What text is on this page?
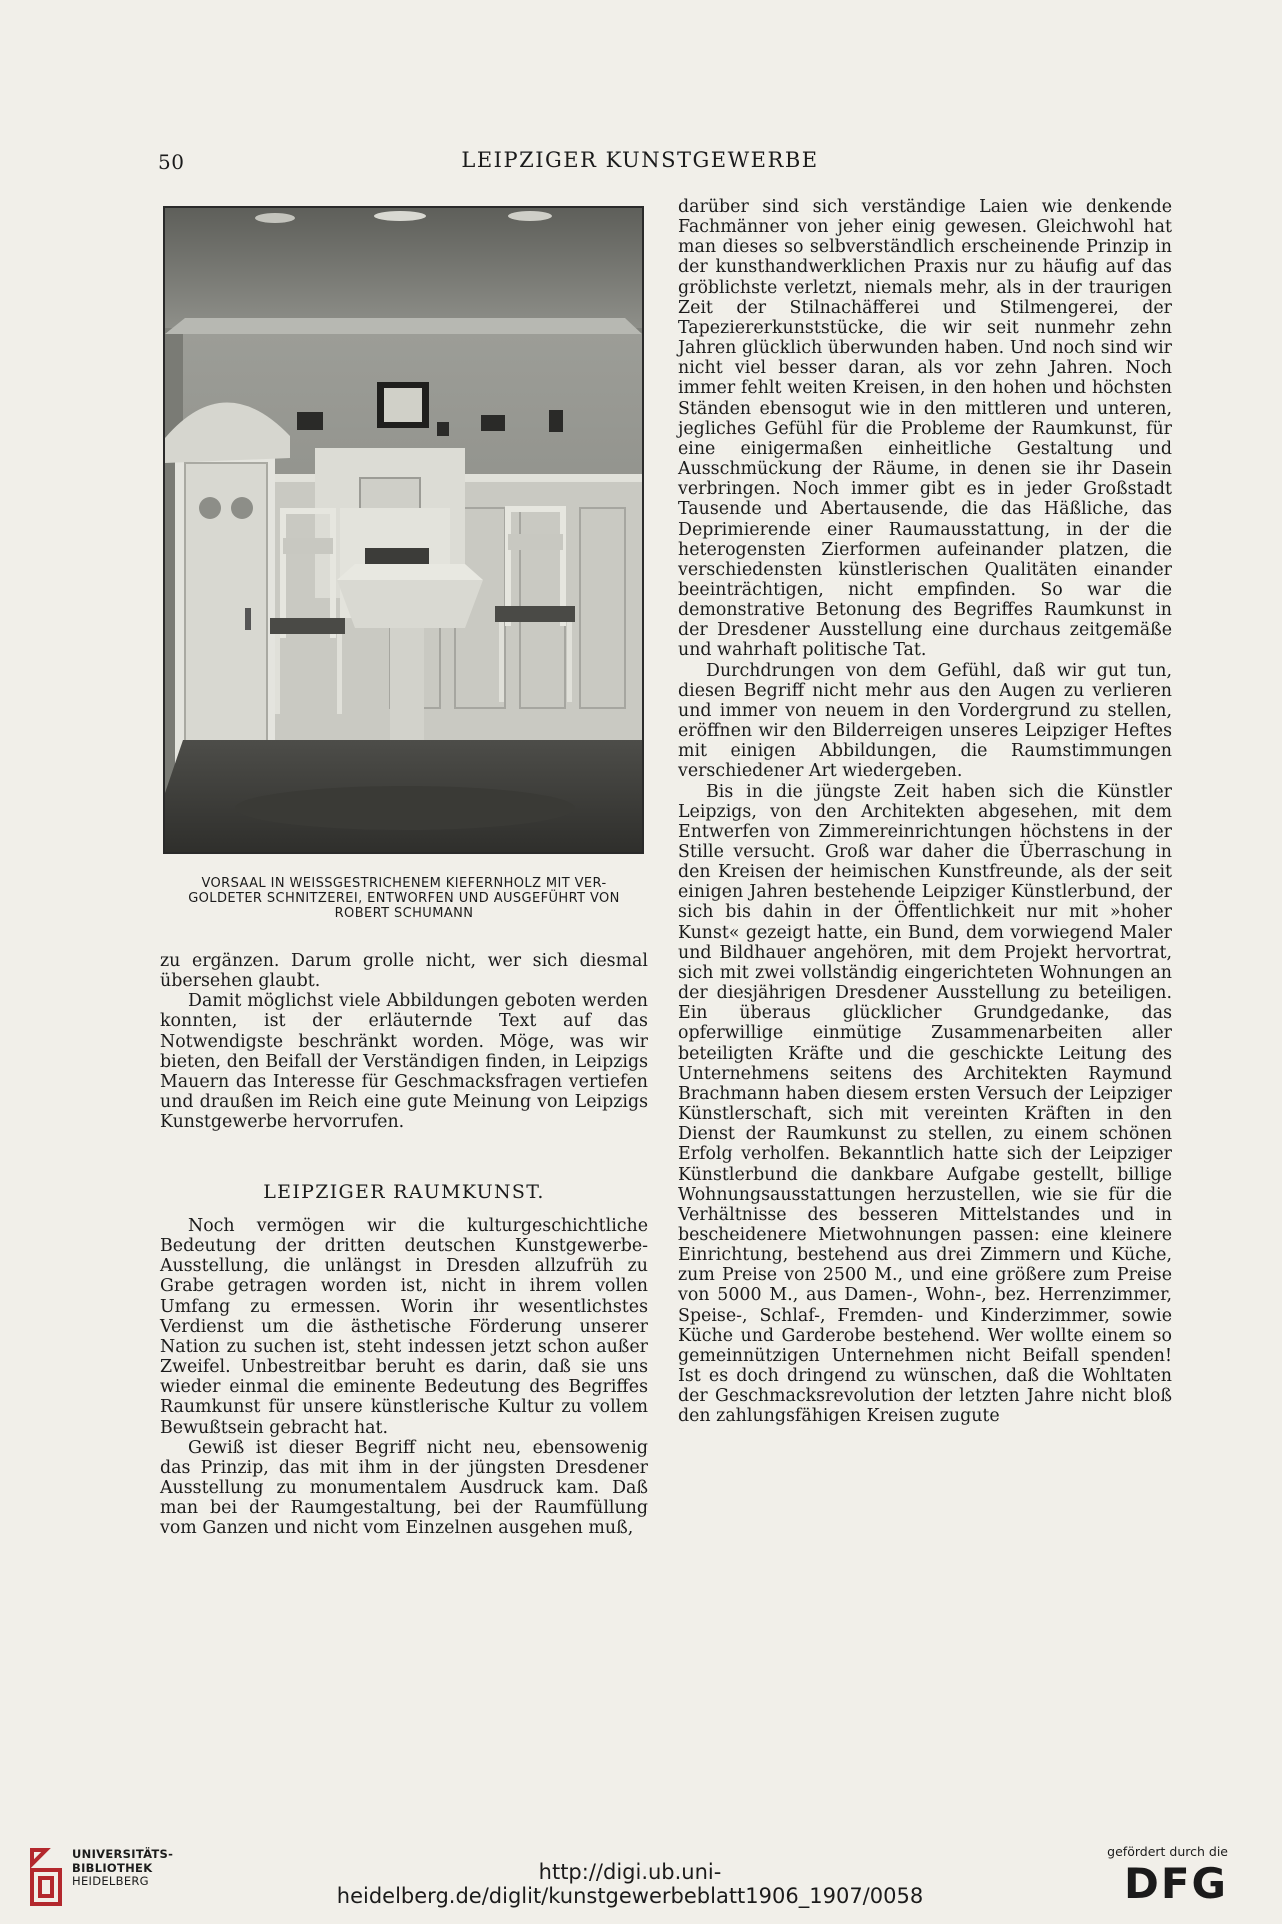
50	LEIPZIGER KUNSTGEWERBE
VORSAAL IN WEISSGESTRICHENEM KIEFERNHOLZ MIT VER-
GOLDETER SCHNITZEREI, ENTWORFEN UND AUSGEFÜHRT VON
ROBERT SCHUMANN

zu ergänzen. Darum grolle nicht, wer sich diesmal übersehen glaubt.

Damit möglichst viele Abbildungen geboten werden konnten, ist der erläuternde Text auf das Notwendigste beschränkt worden. Möge, was wir bieten, den Beifall der Verständigen finden, in Leipzigs Mauern das Interesse für Geschmacksfragen vertiefen und draußen im Reich eine gute Meinung von Leipzigs Kunstgewerbe hervorrufen.

LEIPZIGER RAUMKUNST.

Noch vermögen wir die kulturgeschichtliche Bedeutung der dritten deutschen Kunstgewerbe-Ausstellung, die unlängst in Dresden allzufrüh zu Grabe getragen worden ist, nicht in ihrem vollen Umfang zu ermessen. Worin ihr wesentlichstes Verdienst um die ästhetische Förderung unserer Nation zu suchen ist, steht indessen jetzt schon außer Zweifel. Unbestreitbar beruht es darin, daß sie uns wieder einmal die eminente Bedeutung des Begriffes Raumkunst für unsere künstlerische Kultur zu vollem Bewußtsein gebracht hat.

Gewiß ist dieser Begriff nicht neu, ebensowenig das Prinzip, das mit ihm in der jüngsten Dresdener Ausstellung zu monumentalem Ausdruck kam. Daß man bei der Raumgestaltung, bei der Raumfüllung vom Ganzen und nicht vom Einzelnen ausgehen muß,

darüber sind sich verständige Laien wie denkende Fachmänner von jeher einig gewesen. Gleichwohl hat man dieses so selbverständlich erscheinende Prinzip in der kunsthandwerklichen Praxis nur zu häufig auf das gröblichste verletzt, niemals mehr, als in der traurigen Zeit der Stilnachäfferei und Stilmengerei, der Tapeziererkunststücke, die wir seit nunmehr zehn Jahren glücklich überwunden haben. Und noch sind wir nicht viel besser daran, als vor zehn Jahren. Noch immer fehlt weiten Kreisen, in den hohen und höchsten Ständen ebensogut wie in den mittleren und unteren, jegliches Gefühl für die Probleme der Raumkunst, für eine einigermaßen einheitliche Gestaltung und Ausschmückung der Räume, in denen sie ihr Dasein verbringen. Noch immer gibt es in jeder Großstadt Tausende und Abertausende, die das Häßliche, das Deprimierende einer Raumausstattung, in der die heterogensten Zierformen aufeinander platzen, die verschiedensten künstlerischen Qualitäten einander beeinträchtigen, nicht empfinden. So war die demonstrative Betonung des Begriffes Raumkunst in der Dresdener Ausstellung eine durchaus zeitgemäße und wahrhaft politische Tat.

Durchdrungen von dem Gefühl, daß wir gut tun, diesen Begriff nicht mehr aus den Augen zu verlieren und immer von neuem in den Vordergrund zu stellen, eröffnen wir den Bilderreigen unseres Leipziger Heftes mit einigen Abbildungen, die Raumstimmungen verschiedener Art wiedergeben.

Bis in die jüngste Zeit haben sich die Künstler Leipzigs, von den Architekten abgesehen, mit dem Entwerfen von Zimmereinrichtungen höchstens in der Stille versucht. Groß war daher die Überraschung in den Kreisen der heimischen Kunstfreunde, als der seit einigen Jahren bestehende Leipziger Künstlerbund, der sich bis dahin in der Öffentlichkeit nur mit »hoher Kunst« gezeigt hatte, ein Bund, dem vorwiegend Maler und Bildhauer angehören, mit dem Projekt hervortrat, sich mit zwei vollständig eingerichteten Wohnungen an der diesjährigen Dresdener Ausstellung zu beteiligen. Ein überaus glücklicher Grundgedanke, das opferwillige einmütige Zusammenarbeiten aller beteiligten Kräfte und die geschickte Leitung des Unternehmens seitens des Architekten Raymund Brachmann haben diesem ersten Versuch der Leipziger Künstlerschaft, sich mit vereinten Kräften in den Dienst der Raumkunst zu stellen, zu einem schönen Erfolg verholfen. Bekanntlich hatte sich der Leipziger Künstlerbund die dankbare Aufgabe gestellt, billige Wohnungsausstattungen herzustellen, wie sie für die Verhältnisse des besseren Mittelstandes und in bescheidenere Mietwohnungen passen: eine kleinere Einrichtung, bestehend aus drei Zimmern und Küche, zum Preise von 2500 M., und eine größere zum Preise von 5000 M., aus Damen-, Wohn-, bez. Herrenzimmer, Speise-, Schlaf-, Fremden- und Kinderzimmer, sowie Küche und Garderobe bestehend. Wer wollte einem so gemeinnützigen Unternehmen nicht Beifall spenden! Ist es doch dringend zu wünschen, daß die Wohltaten der Geschmacksrevolution der letzten Jahre nicht bloß den zahlungsfähigen Kreisen zugute

UNIVERSITÄTS-
BIBLIOTHEK
HEIDELBERG	http://digi.ub.uni-heidelberg.de/diglit/kunstgewerbeblatt1906_1907/0058
gefördert durch die
DFG
